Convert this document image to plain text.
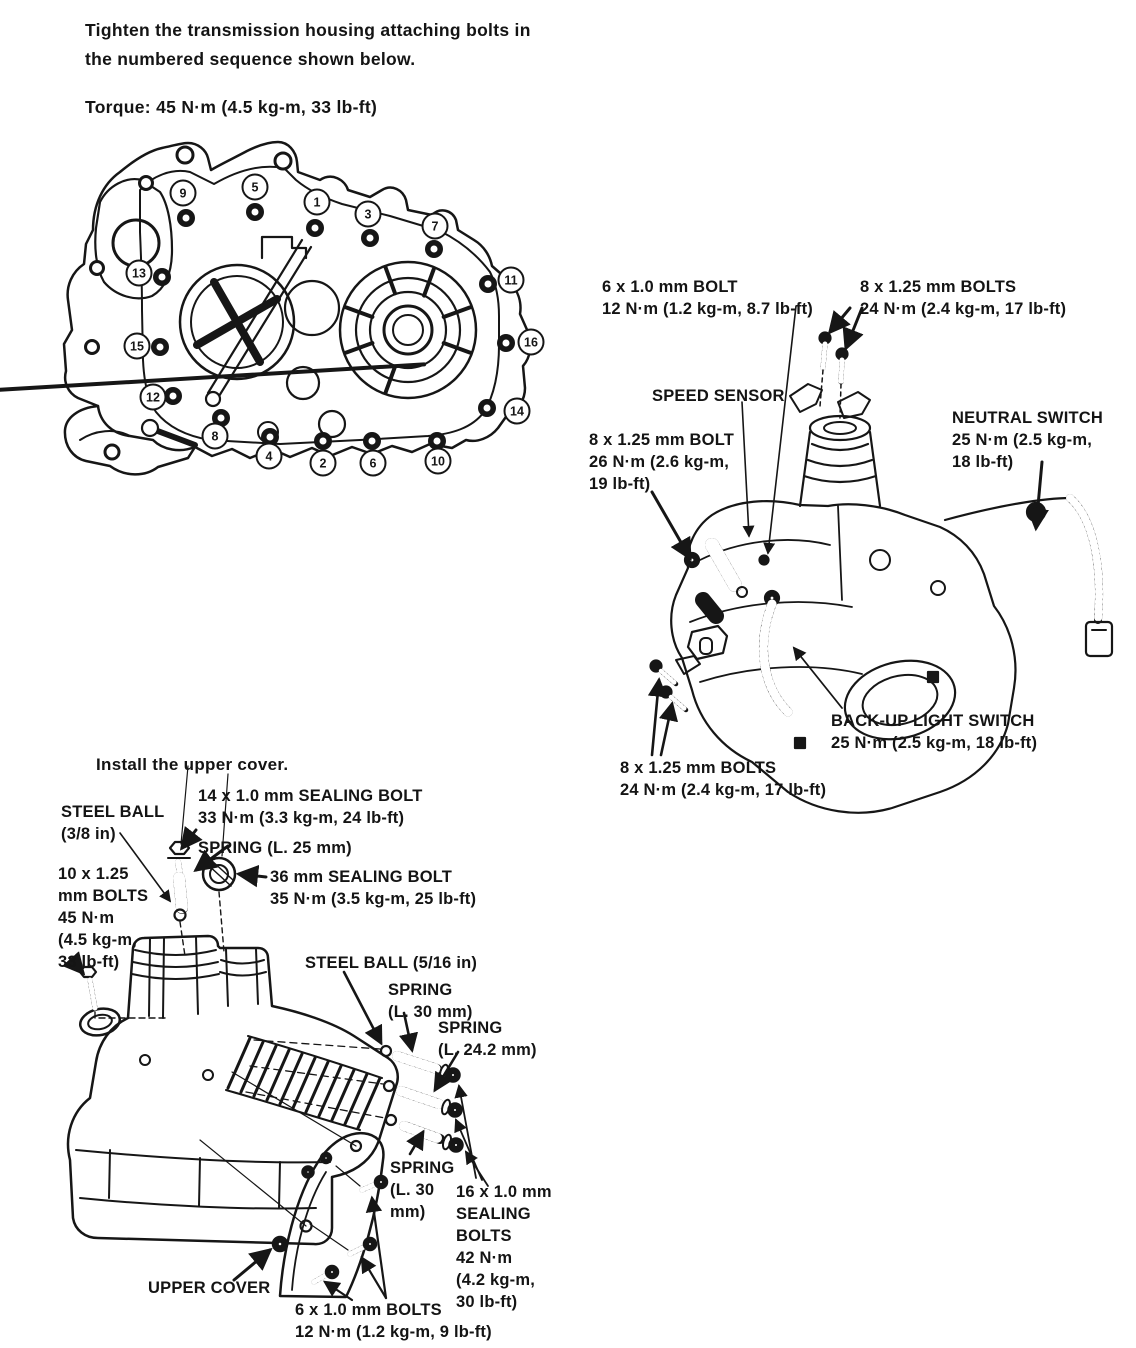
Tighten the transmission housing attaching bolts in
the numbered sequence shown below.
Torque: 45 N·m (4.5 kg-m, 33 lb-ft)
Install the upper cover.
1
2
3
4
5
6
7
8
9
10
11
12
13
14
15	16
6 x 1.0 mm BOLT
12 N·m (1.2 kg-m, 8.7 lb-ft)
8 x 1.25 mm BOLTS
24 N·m (2.4 kg-m, 17 lb-ft)
SPEED SENSOR
NEUTRAL SWITCH
25 N·m (2.5 kg-m,
18 lb-ft)
8 x 1.25 mm BOLT
26 N·m (2.6 kg-m,
19 lb-ft)
BACK-UP LIGHT SWITCH
25 N·m (2.5 kg-m, 18 lb-ft)
8 x 1.25 mm BOLTS
24 N·m (2.4 kg-m, 17 lb-ft)
14 x 1.0 mm SEALING BOLT
33 N·m (3.3 kg-m, 24 lb-ft)
STEEL BALL
(3/8 in)
SPRING (L. 25 mm)
10 x 1.25
mm BOLTS
45 N·m
(4.5 kg-m,
33 lb-ft)
36 mm SEALING BOLT
35 N·m (3.5 kg-m, 25 lb-ft)
STEEL BALL (5/16 in)
SPRING
(L. 30 mm)
SPRING
(L. 24.2 mm)
SPRING
(L. 30
mm)
16 x 1.0 mm
SEALING
BOLTS
42 N·m
(4.2 kg-m,
30 lb-ft)
UPPER COVER
6 x 1.0 mm BOLTS
12 N·m (1.2 kg-m, 9 lb-ft)
